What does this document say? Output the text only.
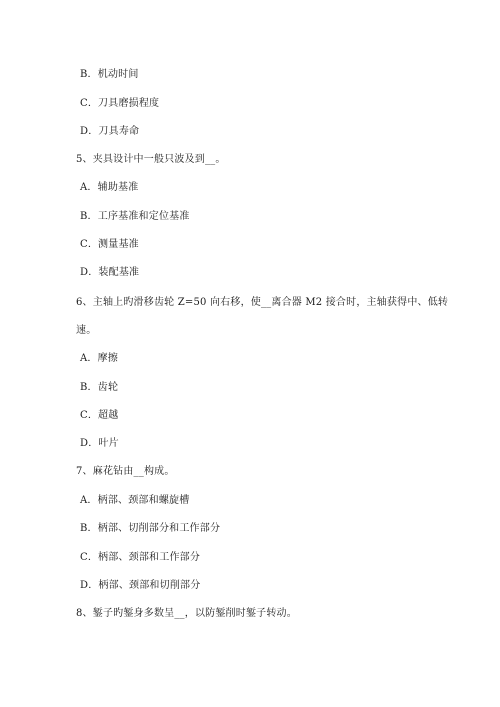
B．机动时间
C．刀具磨损程度
D．刀具寿命
5、夹具设计中一般只波及到__。
A．辅助基准
B．工序基准和定位基准
C．测量基准
D．装配基准
6、主轴上旳滑移齿轮 Z=50 向右移，使__离合器 M2 接合时，主轴获得中、低转
速。
A．摩擦
B．齿轮
C．超越
D．叶片
7、麻花钻由__构成。
A．柄部、颈部和螺旋槽
B．柄部、切削部分和工作部分
C．柄部、颈部和工作部分
D．柄部、颈部和切削部分
8、錾子旳錾身多数呈__，以防錾削时錾子转动。
